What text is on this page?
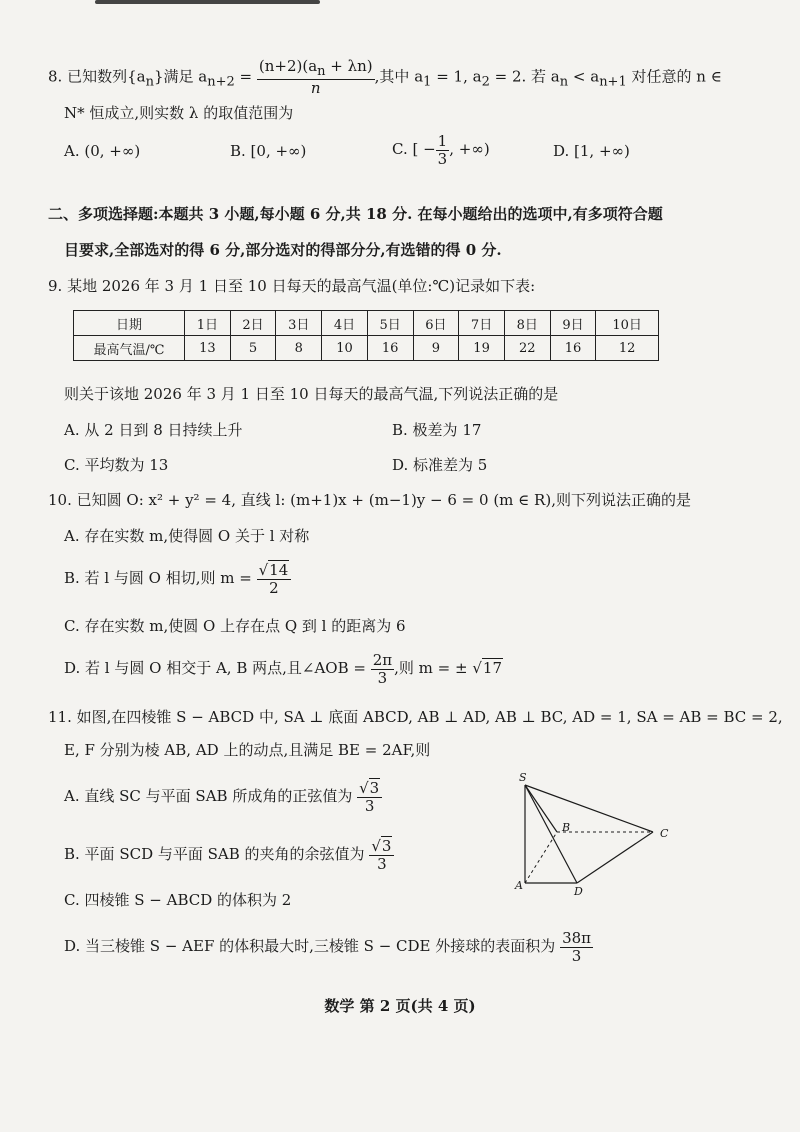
8. 已知数列$\{a_n\}$满足 $a_{n+2} = \frac{(n+2)(a_n + \lambda n)}{n}$ ,其中 $a_1 = 1$, $a_2 = 2$. 若 $a_n < a_{n+1}$ 对任意的 n ∈
N* 恒成立,则实数 λ 的取值范围为
A. (0, +∞)	B. [0, +∞)	C. [ − $\frac{1}{3}$ , +∞)	D. [1, +∞)
二、多项选择题:本题共 3 小题,每小题 6 分,共 18 分. 在每小题给出的选项中,有多项符合题
目要求,全部选对的得 6 分,部分选对的得部分分,有选错的得 0 分.
9. 某地 2026 年 3 月 1 日至 10 日每天的最高气温(单位:℃)记录如下表:
日期	1日	2日	3日	4日	5日	6日	7日	8日	9日	10日
最高气温/℃	13	5	8	10	16	9	19	22	16	12
则关于该地 2026 年 3 月 1 日至 10 日每天的最高气温,下列说法正确的是
A. 从 2 日到 8 日持续上升	B. 极差为 17
C. 平均数为 13	D. 标准差为 5
10. 已知圆 O: x² + y² = 4, 直线 l: (m+1)x + (m−1)y − 6 = 0 (m ∈ R),则下列说法正确的是
A. 存在实数 m,使得圆 O 关于 l 对称
B. 若 l 与圆 O 相切,则 $m = \frac{√14}{2}$
C. 存在实数 m,使圆 O 上存在点 Q 到 l 的距离为 6
D. 若 l 与圆 O 相交于 A, B 两点,且∠AOB = $\frac{2\pi}{3}$ ,则 m = ± √17
11. 如图,在四棱锥 S − ABCD 中, SA ⊥ 底面 ABCD, AB ⊥ AD, AB ⊥ BC, AD = 1, SA = AB = BC = 2,
E, F 分别为棱 AB, AD 上的动点,且满足 BE = 2AF,则
A. 直线 SC 与平面 SAB 所成角的正弦值为 $\frac{√3}{3}$
B. 平面 SCD 与平面 SAB 的夹角的余弦值为 $\frac{√3}{3}$
C. 四棱锥 S − ABCD 的体积为 2
D. 当三棱锥 S − AEF 的体积最大时,三棱锥 S − CDE 外接球的表面积为 $\frac{38\pi}{3}$
S
A
B	C
D
数学 第 2 页(共 4 页)
